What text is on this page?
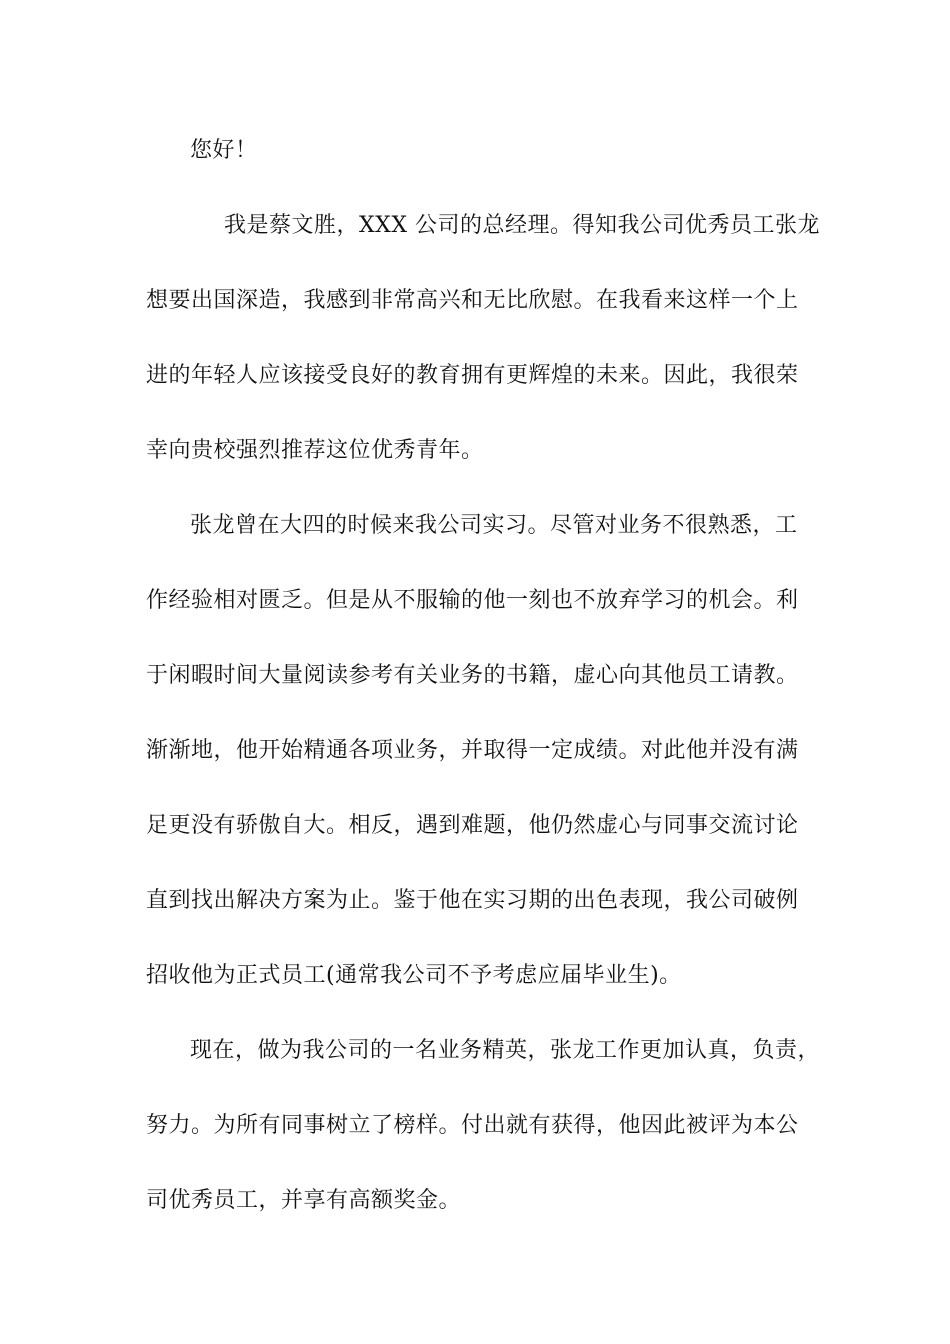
您好！
我是蔡文胜，XXX 公司的总经理。得知我公司优秀员工张龙
想要出国深造，我感到非常高兴和无比欣慰。在我看来这样一个上
进的年轻人应该接受良好的教育拥有更辉煌的未来。因此，我很荣
幸向贵校强烈推荐这位优秀青年。
张龙曾在大四的时候来我公司实习。尽管对业务不很熟悉，工
作经验相对匮乏。但是从不服输的他一刻也不放弃学习的机会。利
于闲暇时间大量阅读参考有关业务的书籍，虚心向其他员工请教。
渐渐地，他开始精通各项业务，并取得一定成绩。对此他并没有满
足更没有骄傲自大。相反，遇到难题，他仍然虚心与同事交流讨论
直到找出解决方案为止。鉴于他在实习期的出色表现，我公司破例
招收他为正式员工(通常我公司不予考虑应届毕业生)。
现在，做为我公司的一名业务精英，张龙工作更加认真，负责，
努力。为所有同事树立了榜样。付出就有获得，他因此被评为本公
司优秀员工，并享有高额奖金。
